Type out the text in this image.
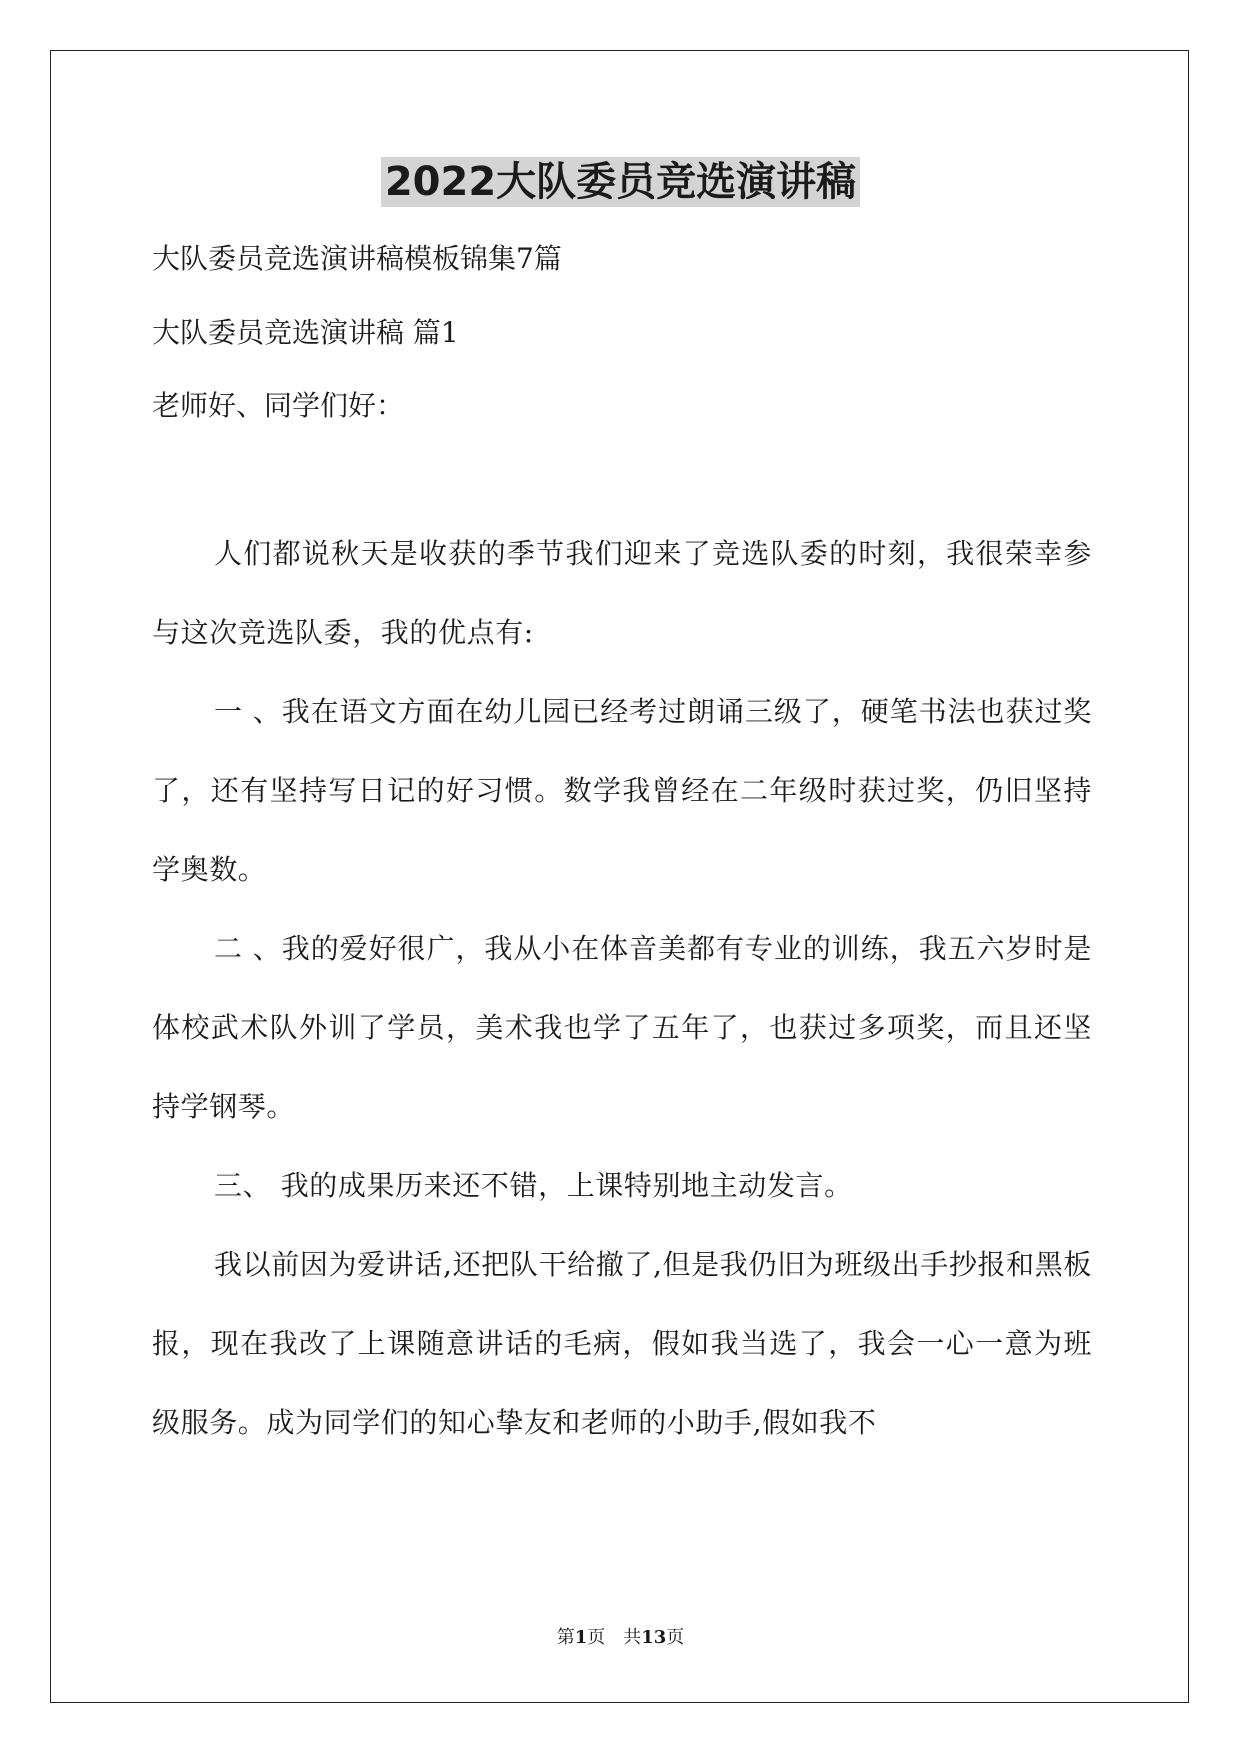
2022大队委员竞选演讲稿
大队委员竞选演讲稿模板锦集7篇
大队委员竞选演讲稿 篇1
老师好、同学们好：

人们都说秋天是收获的季节我们迎来了竞选队委的时刻，我很荣幸参与这次竞选队委，我的优点有:

一 、我在语文方面在幼儿园已经考过朗诵三级了，硬笔书法也获过奖了，还有坚持写日记的好习惯。数学我曾经在二年级时获过奖，仍旧坚持学奥数。

二 、我的爱好很广，我从小在体音美都有专业的训练，我五六岁时是体校武术队外训了学员，美术我也学了五年了，也获过多项奖，而且还坚持学钢琴。

三、 我的成果历来还不错，上课特别地主动发言。

我以前因为爱讲话,还把队干给撤了,但是我仍旧为班级出手抄报和黑板报，现在我改了上课随意讲话的毛病，假如我当选了，我会一心一意为班级服务。成为同学们的知心挚友和老师的小助手,假如我不

第1页　共13页
